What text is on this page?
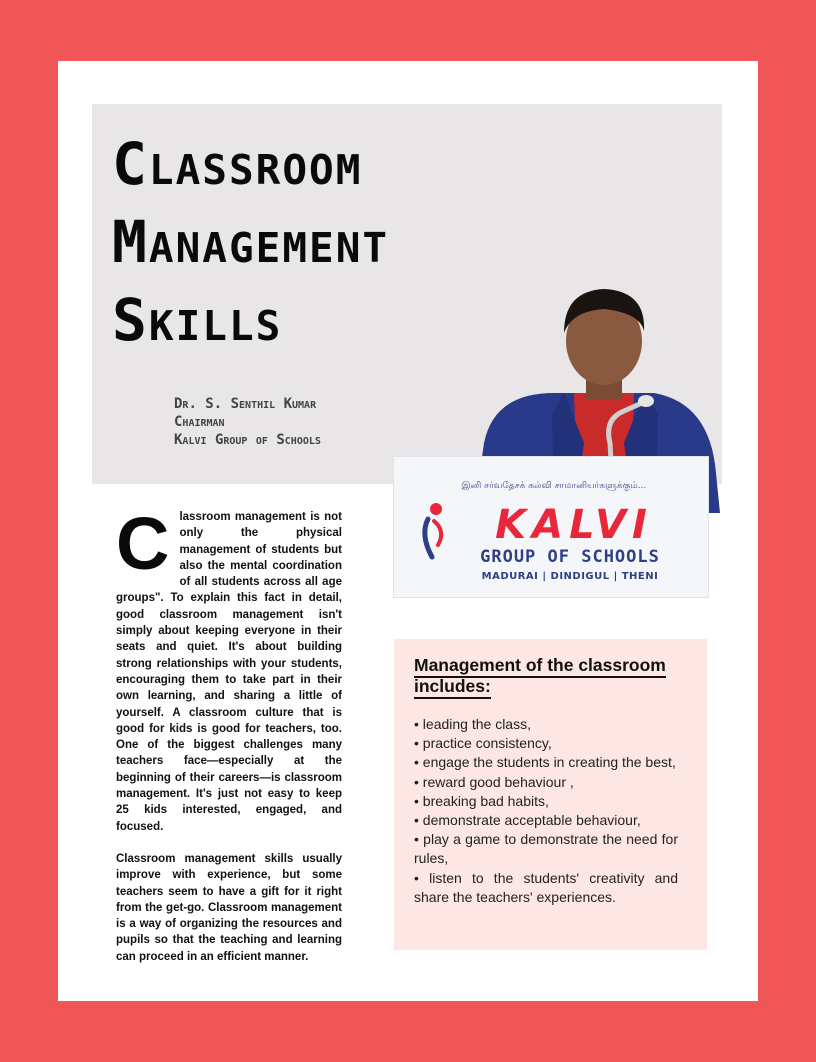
Classroom
Management
Skills
Dr. S. Senthil Kumar
Chairman
Kalvi Group of Schools
இனி சர்வதேசக் கல்வி சாமானியர்களுக்கும்...
KALVI
GROUP OF SCHOOLS
MADURAI | DINDIGUL | THENI

Classroom management is not only the physical management of students but also the mental coordination of all students across all age groups". To explain this fact in detail, good classroom management isn't simply about keeping everyone in their seats and quiet. It's about building strong relationships with your students, encouraging them to take part in their own learning, and sharing a little of yourself. A classroom culture that is good for kids is good for teachers, too. One of the biggest challenges many teachers face—especially at the beginning of their careers—is classroom management. It's just not easy to keep 25 kids interested, engaged, and focused.

Classroom management skills usually improve with experience, but some teachers seem to have a gift for it right from the get-go. Classroom management is a way of organizing the resources and pupils so that the teaching and learning can proceed in an efficient manner.

Management of the classroom includes:
• leading the class,
• practice consistency,
• engage the students in creating the best,
• reward good behaviour ,
• breaking bad habits,
• demonstrate acceptable behaviour,
• play a game to demonstrate the need for rules,
• listen to the students' creativity and share the teachers' experiences.
